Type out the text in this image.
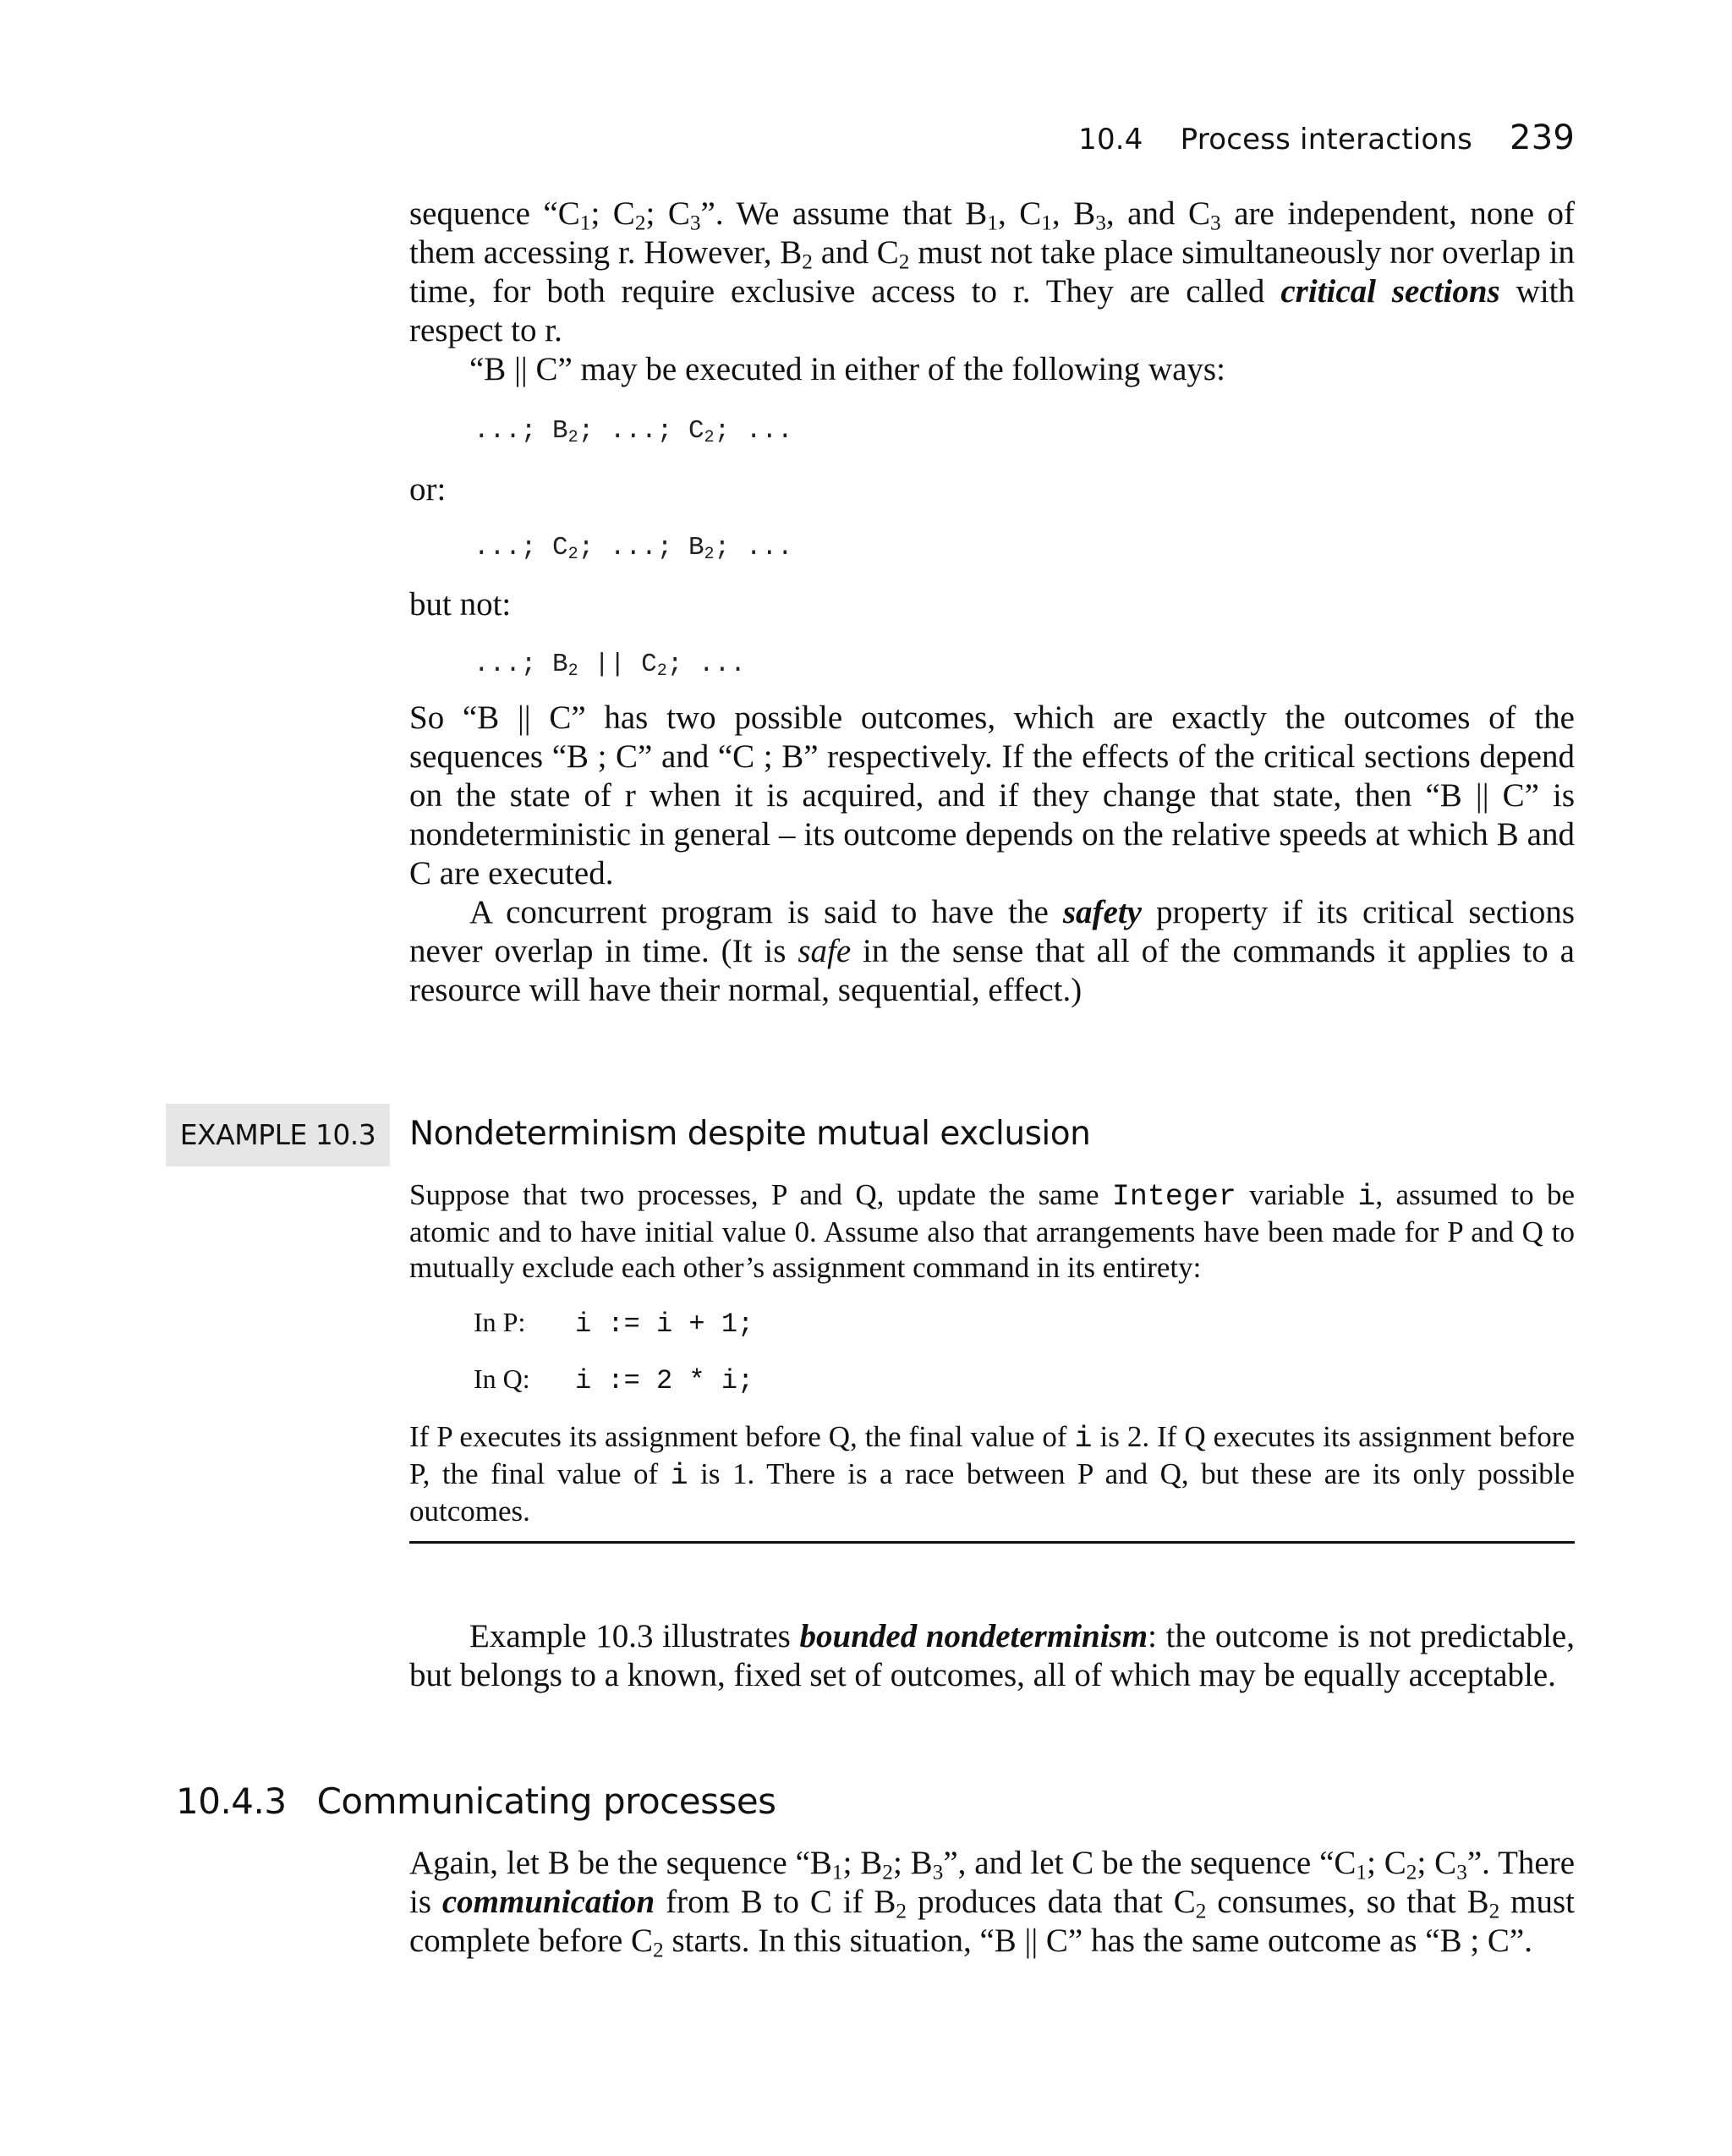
10.4 Process interactions 239

sequence “$C_1$; $C_2$; $C_3$”. We assume that $B_1$, $C_1$, $B_3$, and $C_3$ are independent, none of them accessing r. However, $B_2$ and $C_2$ must not take place simultaneously nor overlap in time, for both require exclusive access to r. They are called critical sections with respect to r.

“B || C” may be executed in either of the following ways:

...; $B_2$; ...; $C_2$; ...
or:
...; $C_2$; ...; $B_2$; ...
but not:
...; $B_2$ || $C_2$; ...

So “B || C” has two possible outcomes, which are exactly the outcomes of the sequences “B ; C” and “C ; B” respectively. If the effects of the critical sections depend on the state of r when it is acquired, and if they change that state, then “B || C” is nondeterministic in general – its outcome depends on the relative speeds at which B and C are executed.

A concurrent program is said to have the safety property if its critical sections never overlap in time. (It is safe in the sense that all of the commands it applies to a resource will have their normal, sequential, effect.)

EXAMPLE 10.3	Nondeterminism despite mutual exclusion

Suppose that two processes, P and Q, update the same Integer variable i, assumed to be atomic and to have initial value 0. Assume also that arrangements have been made for P and Q to mutually exclude each other’s assignment command in its entirety:

In P: i := i + 1;
In Q: i := 2 * i;

If P executes its assignment before Q, the final value of i is 2. If Q executes its assignment before P, the final value of i is 1. There is a race between P and Q, but these are its only possible outcomes.

Example 10.3 illustrates bounded nondeterminism: the outcome is not predictable, but belongs to a known, fixed set of outcomes, all of which may be equally acceptable.

10.4.3 Communicating processes

Again, let B be the sequence “$B_1$; $B_2$; $B_3$”, and let C be the sequence “$C_1$; $C_2$; $C_3$”. There is communication from B to C if $B_2$ produces data that $C_2$ consumes, so that $B_2$ must complete before $C_2$ starts. In this situation, “B || C” has the same outcome as “B ; C”.
